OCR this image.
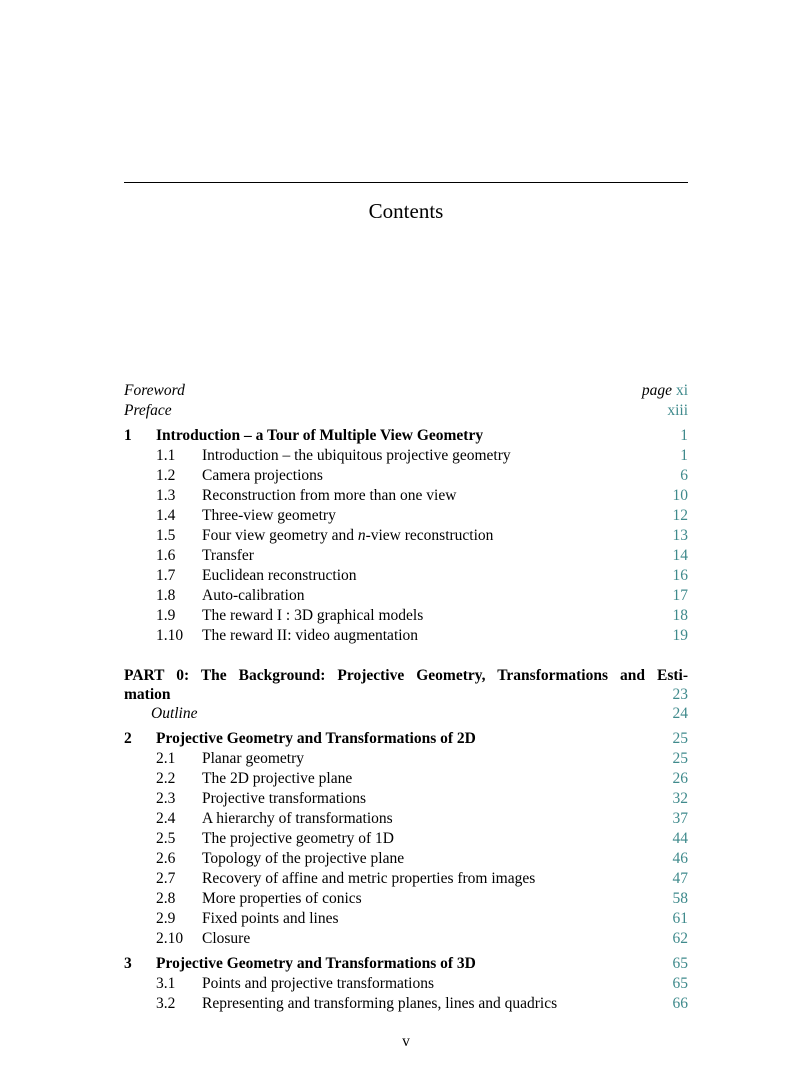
Contents
Foreword	page xi
Preface	xiii
1 Introduction – a Tour of Multiple View Geometry	1
1.1 Introduction – the ubiquitous projective geometry	1
1.2 Camera projections	6
1.3 Reconstruction from more than one view	10
1.4 Three-view geometry	12
1.5 Four view geometry and n-view reconstruction	13
1.6 Transfer	14
1.7 Euclidean reconstruction	16
1.8 Auto-calibration	17
1.9 The reward I : 3D graphical models	18
1.10 The reward II: video augmentation	19
PART 0: The Background: Projective Geometry, Transformations and Esti-
mation	23
Outline	24
2 Projective Geometry and Transformations of 2D	25
2.1 Planar geometry	25
2.2 The 2D projective plane	26
2.3 Projective transformations	32
2.4 A hierarchy of transformations	37
2.5 The projective geometry of 1D	44
2.6 Topology of the projective plane	46
2.7 Recovery of affine and metric properties from images	47
2.8 More properties of conics	58
2.9 Fixed points and lines	61
2.10 Closure	62
3 Projective Geometry and Transformations of 3D	65
3.1 Points and projective transformations	65
3.2 Representing and transforming planes, lines and quadrics	66
v
